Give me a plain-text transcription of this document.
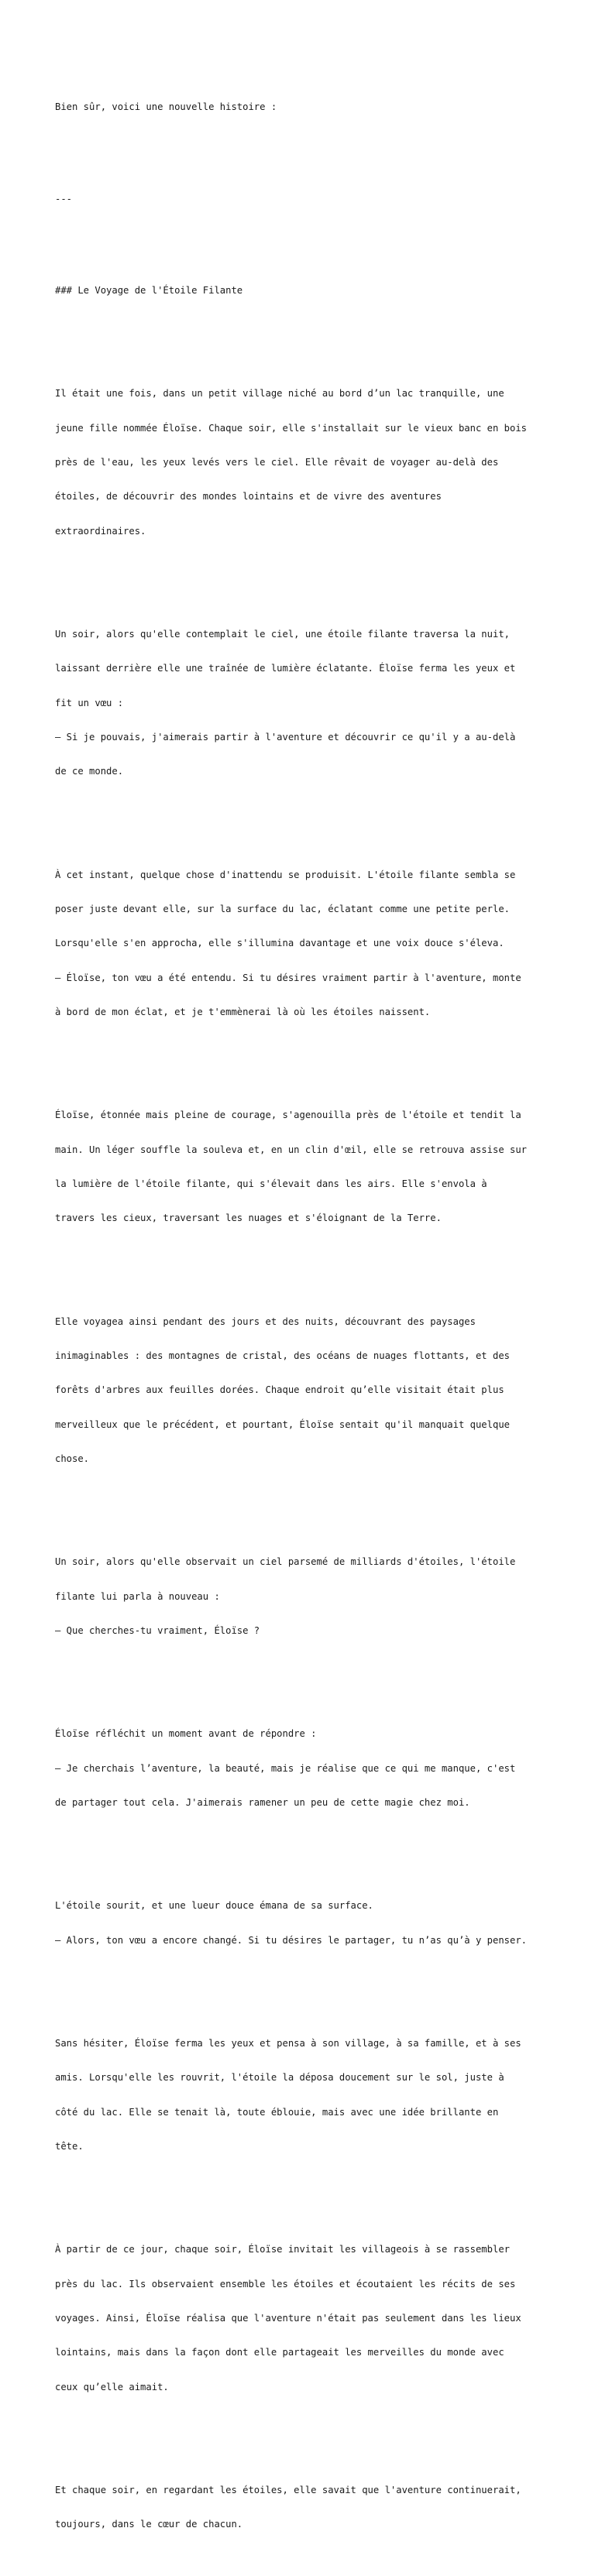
Bien sûr, voici une nouvelle histoire :

---

### Le Voyage de l'Étoile Filante

Il était une fois, dans un petit village niché au bord d’un lac tranquille, une

jeune fille nommée Éloïse. Chaque soir, elle s'installait sur le vieux banc en bois

près de l'eau, les yeux levés vers le ciel. Elle rêvait de voyager au-delà des

étoiles, de découvrir des mondes lointains et de vivre des aventures

extraordinaires.

Un soir, alors qu'elle contemplait le ciel, une étoile filante traversa la nuit,

laissant derrière elle une traînée de lumière éclatante. Éloïse ferma les yeux et

fit un vœu :

– Si je pouvais, j'aimerais partir à l'aventure et découvrir ce qu'il y a au-delà

de ce monde.

À cet instant, quelque chose d'inattendu se produisit. L'étoile filante sembla se

poser juste devant elle, sur la surface du lac, éclatant comme une petite perle.

Lorsqu'elle s'en approcha, elle s'illumina davantage et une voix douce s'éleva.

– Éloïse, ton vœu a été entendu. Si tu désires vraiment partir à l'aventure, monte

à bord de mon éclat, et je t'emmènerai là où les étoiles naissent.

Éloïse, étonnée mais pleine de courage, s'agenouilla près de l'étoile et tendit la

main. Un léger souffle la souleva et, en un clin d'œil, elle se retrouva assise sur

la lumière de l'étoile filante, qui s'élevait dans les airs. Elle s'envola à

travers les cieux, traversant les nuages et s'éloignant de la Terre.

Elle voyagea ainsi pendant des jours et des nuits, découvrant des paysages

inimaginables : des montagnes de cristal, des océans de nuages flottants, et des

forêts d'arbres aux feuilles dorées. Chaque endroit qu’elle visitait était plus

merveilleux que le précédent, et pourtant, Éloïse sentait qu'il manquait quelque

chose.

Un soir, alors qu'elle observait un ciel parsemé de milliards d'étoiles, l'étoile

filante lui parla à nouveau :

– Que cherches-tu vraiment, Éloïse ?

Éloïse réfléchit un moment avant de répondre :

– Je cherchais l’aventure, la beauté, mais je réalise que ce qui me manque, c'est

de partager tout cela. J'aimerais ramener un peu de cette magie chez moi.

L'étoile sourit, et une lueur douce émana de sa surface.

– Alors, ton vœu a encore changé. Si tu désires le partager, tu n’as qu’à y penser.

Sans hésiter, Éloïse ferma les yeux et pensa à son village, à sa famille, et à ses

amis. Lorsqu'elle les rouvrit, l'étoile la déposa doucement sur le sol, juste à

côté du lac. Elle se tenait là, toute éblouie, mais avec une idée brillante en

tête.

À partir de ce jour, chaque soir, Éloïse invitait les villageois à se rassembler

près du lac. Ils observaient ensemble les étoiles et écoutaient les récits de ses

voyages. Ainsi, Éloïse réalisa que l'aventure n'était pas seulement dans les lieux

lointains, mais dans la façon dont elle partageait les merveilles du monde avec

ceux qu’elle aimait.

Et chaque soir, en regardant les étoiles, elle savait que l'aventure continuerait,

toujours, dans le cœur de chacun.
